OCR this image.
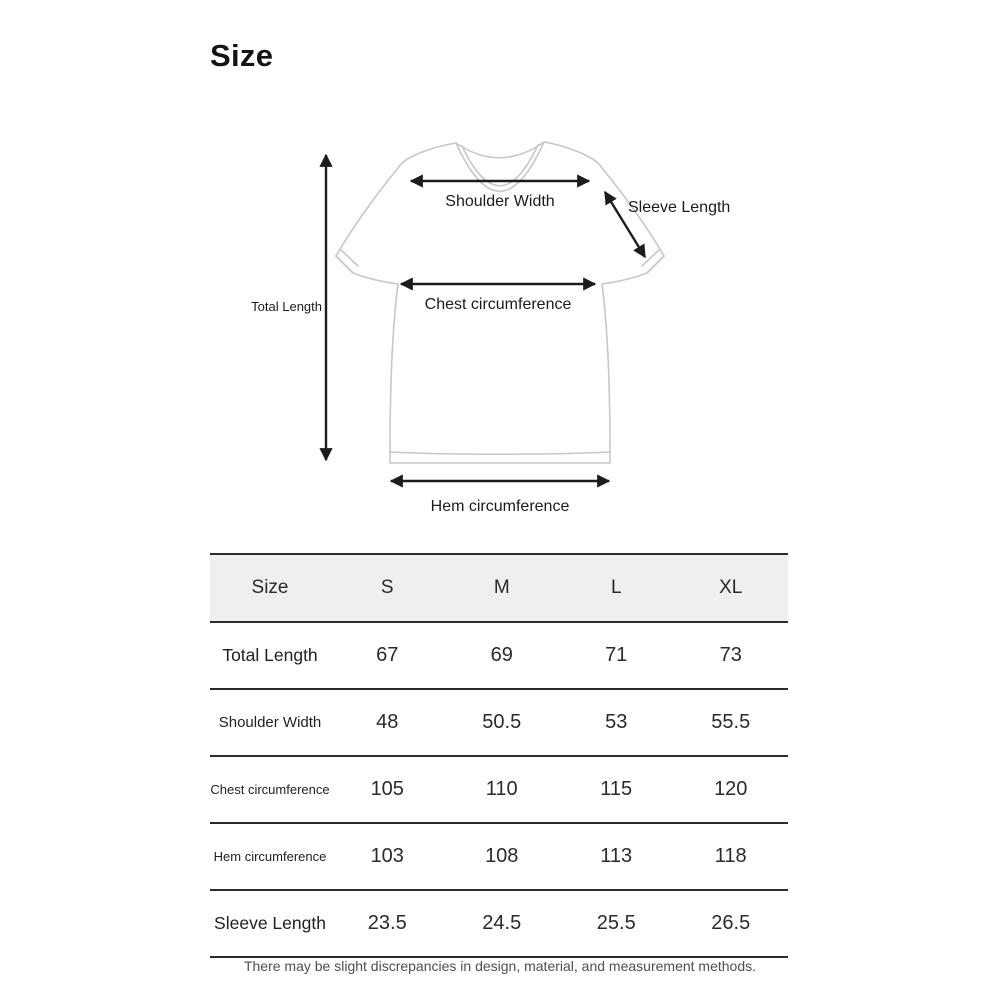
Size
Total Length
Shoulder Width	Sleeve Length
Chest circumference
Hem circumference
Size	S	M	L	XL
Total Length	67	69	71	73
Shoulder Width	48	50.5	53	55.5
Chest circumference	105	110	115	120
Hem circumference	103	108	113	118
Sleeve Length	23.5	24.5	25.5	26.5
There may be slight discrepancies in design, material, and measurement methods.
